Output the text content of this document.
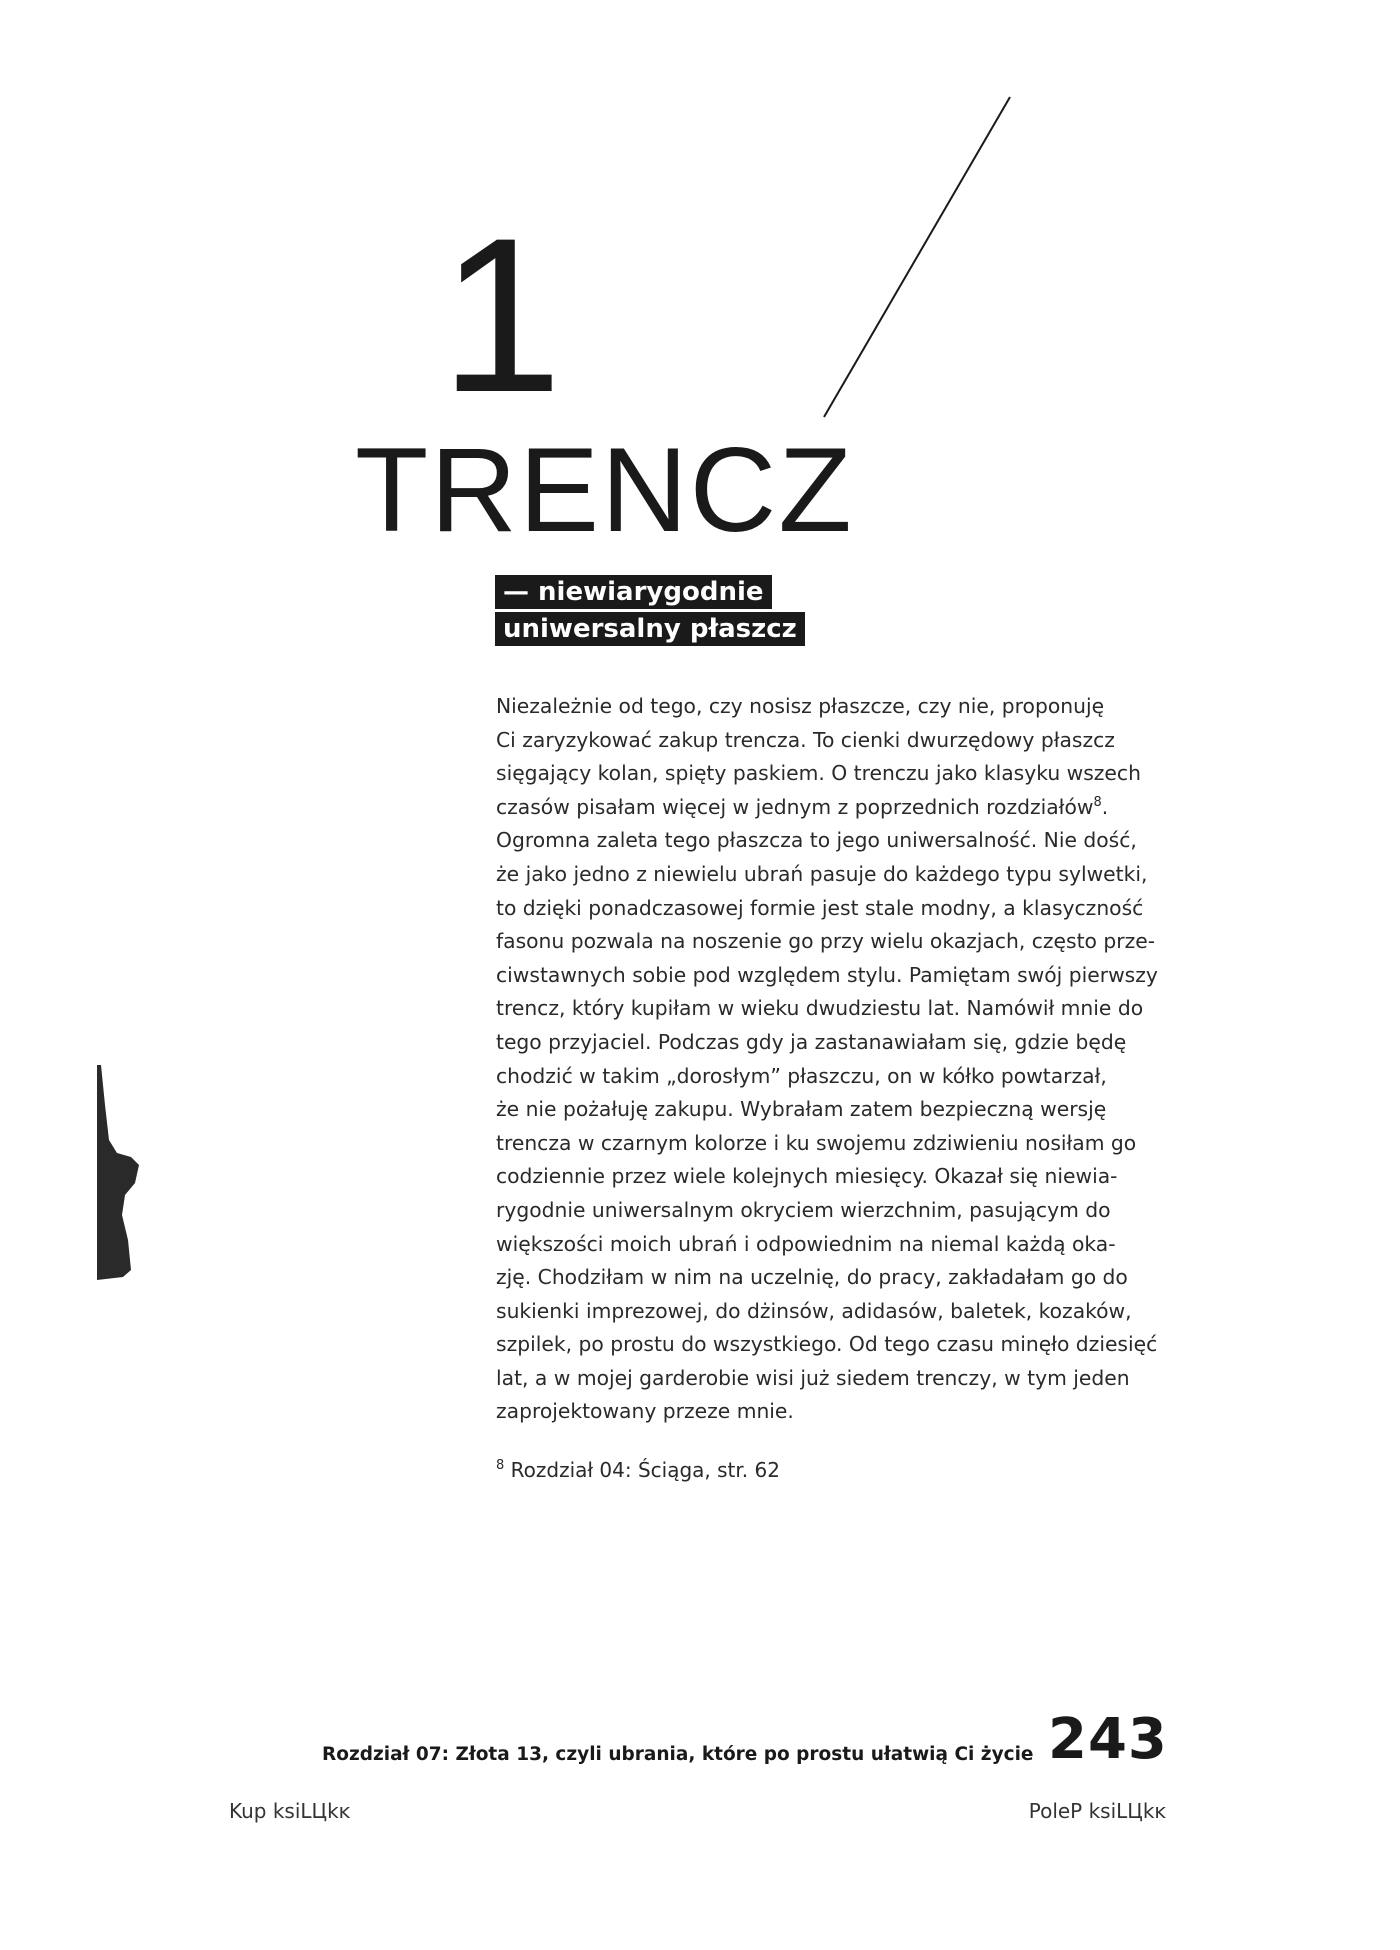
1
TRENCZ
— niewiarygodnie
uniwersalny płaszcz
Niezależnie od tego, czy nosisz płaszcze, czy nie, proponuję
Ci zaryzykować zakup trencza. To cienki dwurzędowy płaszcz
sięgający kolan, spięty paskiem. O trenczu jako klasyku wszech
czasów pisałam więcej w jednym z poprzednich rozdziałów$^8$.
Ogromna zaleta tego płaszcza to jego uniwersalność. Nie dość,
że jako jedno z niewielu ubrań pasuje do każdego typu sylwetki,
to dzięki ponadczasowej formie jest stale modny, a klasyczność
fasonu pozwala na noszenie go przy wielu okazjach, często prze-
ciwstawnych sobie pod względem stylu. Pamiętam swój pierwszy
trencz, który kupiłam w wieku dwudziestu lat. Namówił mnie do
tego przyjaciel. Podczas gdy ja zastanawiałam się, gdzie będę
chodzić w takim „dorosłym” płaszczu, on w kółko powtarzał,
że nie pożałuję zakupu. Wybrałam zatem bezpieczną wersję
trencza w czarnym kolorze i ku swojemu zdziwieniu nosiłam go
codziennie przez wiele kolejnych miesięcy. Okazał się niewia-
rygodnie uniwersalnym okryciem wierzchnim, pasującym do
większości moich ubrań i odpowiednim na niemal każdą oka-
zję. Chodziłam w nim na uczelnię, do pracy, zakładałam go do
sukienki imprezowej, do dżinsów, adidasów, baletek, kozaków,
szpilek, po prostu do wszystkiego. Od tego czasu minęło dziesięć
lat, a w mojej garderobie wisi już siedem trenczy, w tym jeden
zaprojektowany przeze mnie.
$^8$ Rozdział 04: Ściąga, str. 62
Rozdział 07: Złota 13, czyli ubrania, które po prostu ułatwią Ci życie 243
Kup ksiLЦkĸ	PoleP ksiLЦkĸ
